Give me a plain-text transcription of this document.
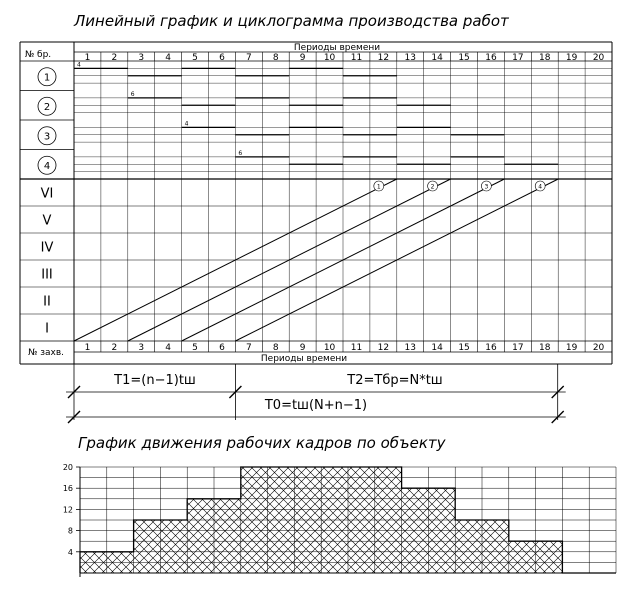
Линейный график и циклограмма производства работ
№ бр.
Периоды времени
Периоды времени
№ захв.
1
1
2
2
3
3
4
4
5
5
6
6
7
7
8
8
9
9
10
10
11
11
12
12
13
13
14
14
15
15
16
16
17
17
18
18
19
19
20
20
1
4
2
6
3
4
4
6
VI
V
IV
III
II
I
1	2	3	4
T1=(n−1)tш	T2=Tбр=N*tш
T0=tш(N+n−1)
График движения рабочих кадров по объекту
4
8
12
16
20
